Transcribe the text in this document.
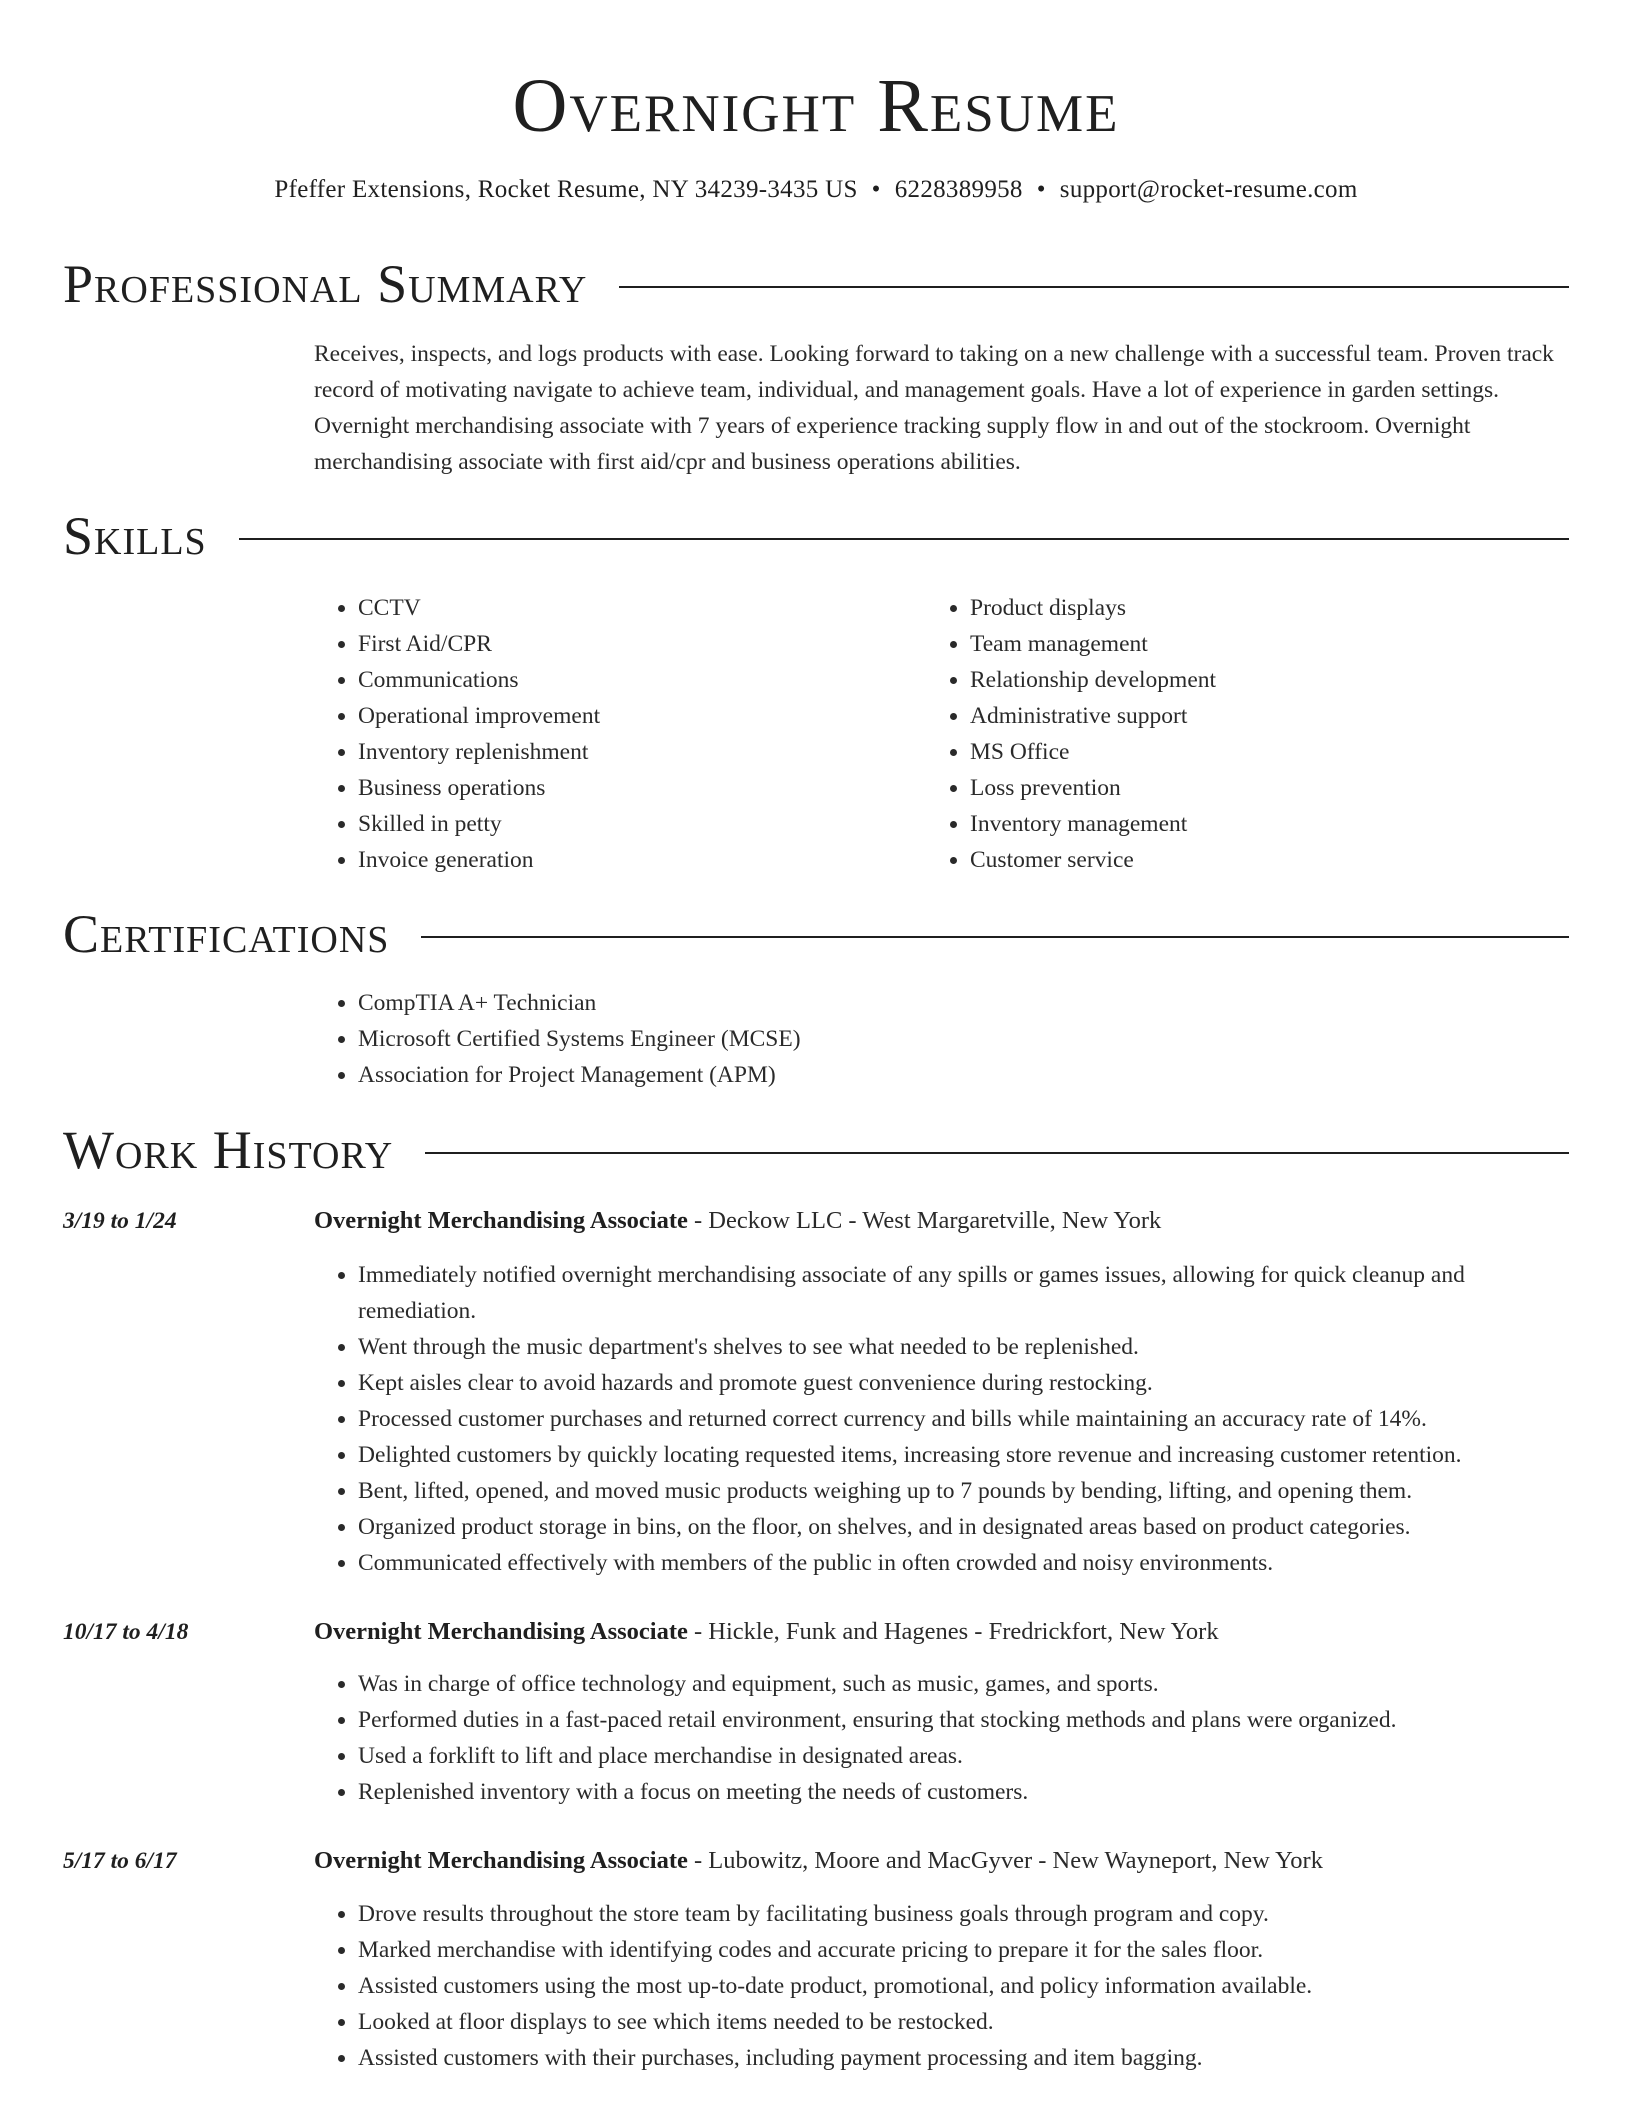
Overnight Resume
Pfeffer Extensions, Rocket Resume, NY 34239-3435 US • 6228389958 • support@rocket-resume.com
Professional Summary
Receives, inspects, and logs products with ease. Looking forward to taking on a new challenge with a successful team. Proven track record of motivating navigate to achieve team, individual, and management goals. Have a lot of experience in garden settings. Overnight merchandising associate with 7 years of experience tracking supply flow in and out of the stockroom. Overnight merchandising associate with first aid/cpr and business operations abilities.
Skills
• CCTV
• First Aid/CPR
• Communications
• Operational improvement
• Inventory replenishment
• Business operations
• Skilled in petty
• Invoice generation
• Product displays
• Team management
• Relationship development
• Administrative support
• MS Office
• Loss prevention
• Inventory management
• Customer service
Certifications
• CompTIA A+ Technician
• Microsoft Certified Systems Engineer (MCSE)
• Association for Project Management (APM)
Work History
3/19 to 1/24	Overnight Merchandising Associate - Deckow LLC - West Margaretville, New York
• Immediately notified overnight merchandising associate of any spills or games issues, allowing for quick cleanup and remediation.
• Went through the music department's shelves to see what needed to be replenished.
• Kept aisles clear to avoid hazards and promote guest convenience during restocking.
• Processed customer purchases and returned correct currency and bills while maintaining an accuracy rate of 14%.
• Delighted customers by quickly locating requested items, increasing store revenue and increasing customer retention.
• Bent, lifted, opened, and moved music products weighing up to 7 pounds by bending, lifting, and opening them.
• Organized product storage in bins, on the floor, on shelves, and in designated areas based on product categories.
• Communicated effectively with members of the public in often crowded and noisy environments.
10/17 to 4/18	Overnight Merchandising Associate - Hickle, Funk and Hagenes - Fredrickfort, New York
• Was in charge of office technology and equipment, such as music, games, and sports.
• Performed duties in a fast-paced retail environment, ensuring that stocking methods and plans were organized.
• Used a forklift to lift and place merchandise in designated areas.
• Replenished inventory with a focus on meeting the needs of customers.
5/17 to 6/17	Overnight Merchandising Associate - Lubowitz, Moore and MacGyver - New Wayneport, New York
• Drove results throughout the store team by facilitating business goals through program and copy.
• Marked merchandise with identifying codes and accurate pricing to prepare it for the sales floor.
• Assisted customers using the most up-to-date product, promotional, and policy information available.
• Looked at floor displays to see which items needed to be restocked.
• Assisted customers with their purchases, including payment processing and item bagging.
